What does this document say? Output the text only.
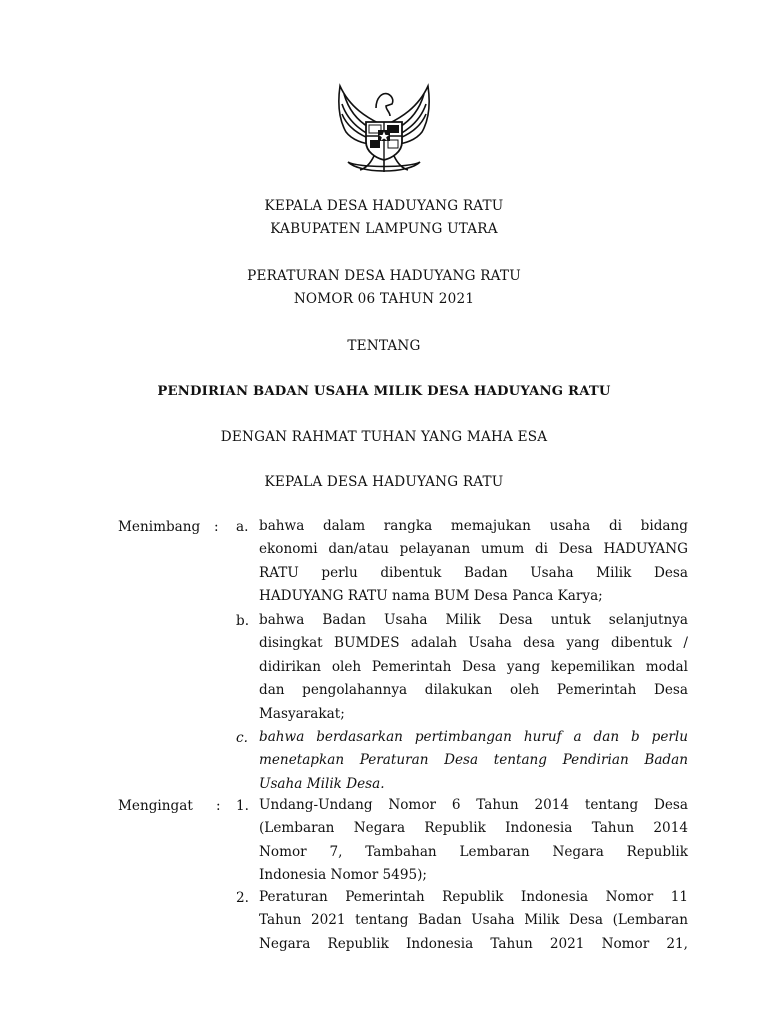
KEPALA DESA HADUYANG RATU
KABUPATEN LAMPUNG UTARA
PERATURAN DESA HADUYANG RATU
NOMOR 06 TAHUN 2021
TENTANG
PENDIRIAN BADAN USAHA MILIK DESA HADUYANG RATU
DENGAN RAHMAT TUHAN YANG MAHA ESA
KEPALA DESA HADUYANG RATU
Menimbang : a. bahwa dalam rangka memajukan usaha di bidang
ekonomi dan/atau pelayanan umum di Desa HADUYANG
RATU perlu dibentuk Badan Usaha Milik Desa
HADUYANG RATU nama BUM Desa Panca Karya;
b. bahwa Badan Usaha Milik Desa untuk selanjutnya
disingkat BUMDES adalah Usaha desa yang dibentuk /
didirikan oleh Pemerintah Desa yang kepemilikan modal
dan pengolahannya dilakukan oleh Pemerintah Desa
Masyarakat;
c. bahwa berdasarkan pertimbangan huruf a dan b perlu
menetapkan Peraturan Desa tentang Pendirian Badan
Usaha Milik Desa.
Mengingat : 1. Undang-Undang Nomor 6 Tahun 2014 tentang Desa
(Lembaran Negara Republik Indonesia Tahun 2014
Nomor 7, Tambahan Lembaran Negara Republik
Indonesia Nomor 5495);
2. Peraturan Pemerintah Republik Indonesia Nomor 11
Tahun 2021 tentang Badan Usaha Milik Desa (Lembaran
Negara Republik Indonesia Tahun 2021 Nomor 21,
